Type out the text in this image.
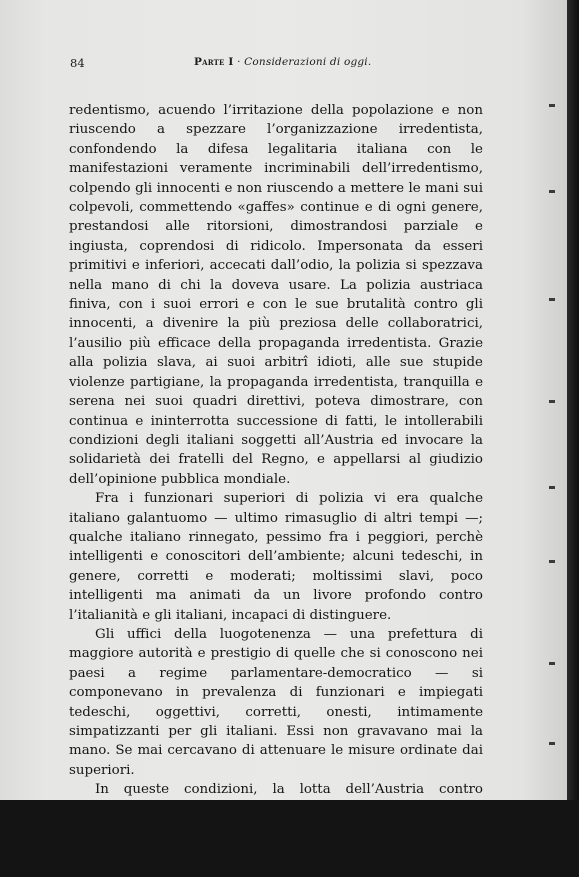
84	Parte I · Considerazioni di oggi.

redentismo, acuendo l’irritazione della popolazione e non riuscendo a spezzare l’organizzazione irredentista, confondendo la difesa legalitaria italiana con le manifestazioni veramente incriminabili dell’irredentismo, colpendo gli innocenti e non riuscendo a mettere le mani sui colpevoli, commettendo «gaffes» continue e di ogni genere, prestandosi alle ritorsioni, dimostrandosi parziale e ingiusta, coprendosi di ridicolo. Impersonata da esseri primitivi e inferiori, accecati dall’odio, la polizia si spezzava nella mano di chi la doveva usare. La polizia austriaca finiva, con i suoi errori e con le sue brutalità contro gli innocenti, a divenire la più preziosa delle collaboratrici, l’ausilio più efficace della propaganda irredentista. Grazie alla polizia slava, ai suoi arbitrî idioti, alle sue stupide violenze partigiane, la propaganda irredentista, tranquilla e serena nei suoi quadri direttivi, poteva dimostrare, con continua e ininterrotta successione di fatti, le intollerabili condizioni degli italiani soggetti all’Austria ed invocare la solidarietà dei fratelli del Regno, e appellarsi al giudizio dell’opinione pubblica mondiale.

Fra i funzionari superiori di polizia vi era qualche italiano galantuomo — ultimo rimasuglio di altri tempi —; qualche italiano rinnegato, pessimo fra i peggiori, perchè intelligenti e conoscitori dell’ambiente; alcuni tedeschi, in genere, corretti e moderati; moltissimi slavi, poco intelligenti ma animati da un livore profondo contro l’italianità e gli italiani, incapaci di distinguere.

Gli uffici della luogotenenza — una prefettura di maggiore autorità e prestigio di quelle che si conoscono nei paesi a regime parlamentare-democratico — si componevano in prevalenza di funzionari e impiegati tedeschi, oggettivi, corretti, onesti, intimamente simpatizzanti per gli italiani. Essi non gravavano mai la mano. Se mai cercavano di attenuare le misure ordinate dai superiori.

In queste condizioni, la lotta dell’Austria contro l’irredentismo era condannata a fallire: per l’incapacità e gli arbitrî stupidamente violenti ed errati della bassa forza di polizia, per la malavoglia con cui l’assecondava l’alta e media burocrazia
